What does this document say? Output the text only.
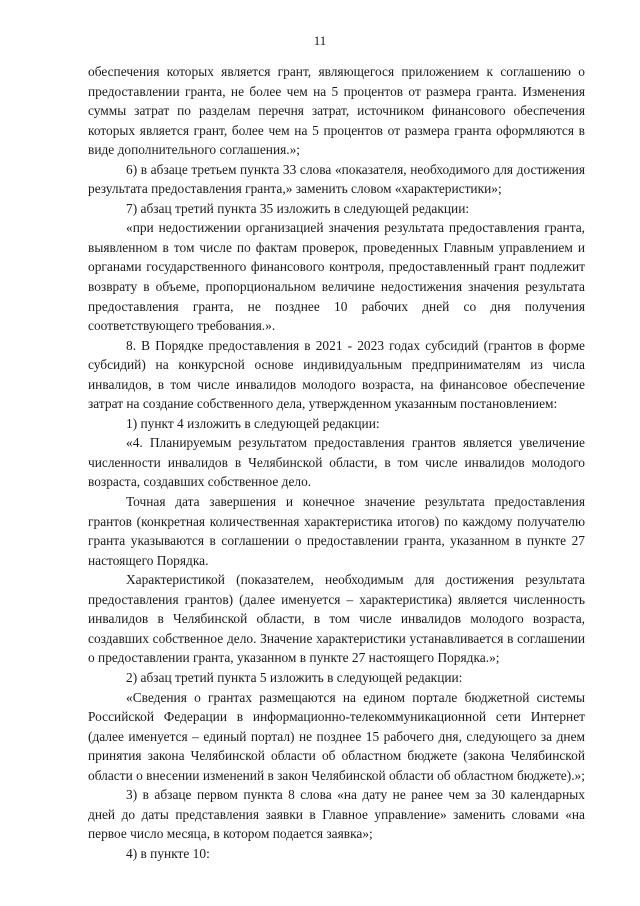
11

обеспечения которых является грант, являющегося приложением к соглашению о предоставлении гранта, не более чем на 5 процентов от размера гранта. Изменения суммы затрат по разделам перечня затрат, источником финансового обеспечения которых является грант, более чем на 5 процентов от размера гранта оформляются в виде дополнительного соглашения.»;

6) в абзаце третьем пункта 33 слова «показателя, необходимого для достижения результата предоставления гранта,» заменить словом «характеристики»;

7) абзац третий пункта 35 изложить в следующей редакции:

«при недостижении организацией значения результата предоставления гранта, выявленном в том числе по фактам проверок, проведенных Главным управлением и органами государственного финансового контроля, предоставленный грант подлежит возврату в объеме, пропорциональном величине недостижения значения результата предоставления гранта, не позднее 10 рабочих дней со дня получения соответствующего требования.».

8. В Порядке предоставления в 2021 - 2023 годах субсидий (грантов в форме субсидий) на конкурсной основе индивидуальным предпринимателям из числа инвалидов, в том числе инвалидов молодого возраста, на финансовое обеспечение затрат на создание собственного дела, утвержденном указанным постановлением:

1) пункт 4 изложить в следующей редакции:

«4. Планируемым результатом предоставления грантов является увеличение численности инвалидов в Челябинской области, в том числе инвалидов молодого возраста, создавших собственное дело.

Точная дата завершения и конечное значение результата предоставления грантов (конкретная количественная характеристика итогов) по каждому получателю гранта указываются в соглашении о предоставлении гранта, указанном в пункте 27 настоящего Порядка.

Характеристикой (показателем, необходимым для достижения результата предоставления грантов) (далее именуется – характеристика) является численность инвалидов в Челябинской области, в том числе инвалидов молодого возраста, создавших собственное дело. Значение характеристики устанавливается в соглашении о предоставлении гранта, указанном в пункте 27 настоящего Порядка.»;

2) абзац третий пункта 5 изложить в следующей редакции:

«Сведения о грантах размещаются на едином портале бюджетной системы Российской Федерации в информационно-телекоммуникационной сети Интернет (далее именуется – единый портал) не позднее 15 рабочего дня, следующего за днем принятия закона Челябинской области об областном бюджете (закона Челябинской области о внесении изменений в закон Челябинской области об областном бюджете).»;

3) в абзаце первом пункта 8 слова «на дату не ранее чем за 30 календарных дней до даты представления заявки в Главное управление» заменить словами «на первое число месяца, в котором подается заявка»;

4) в пункте 10:
